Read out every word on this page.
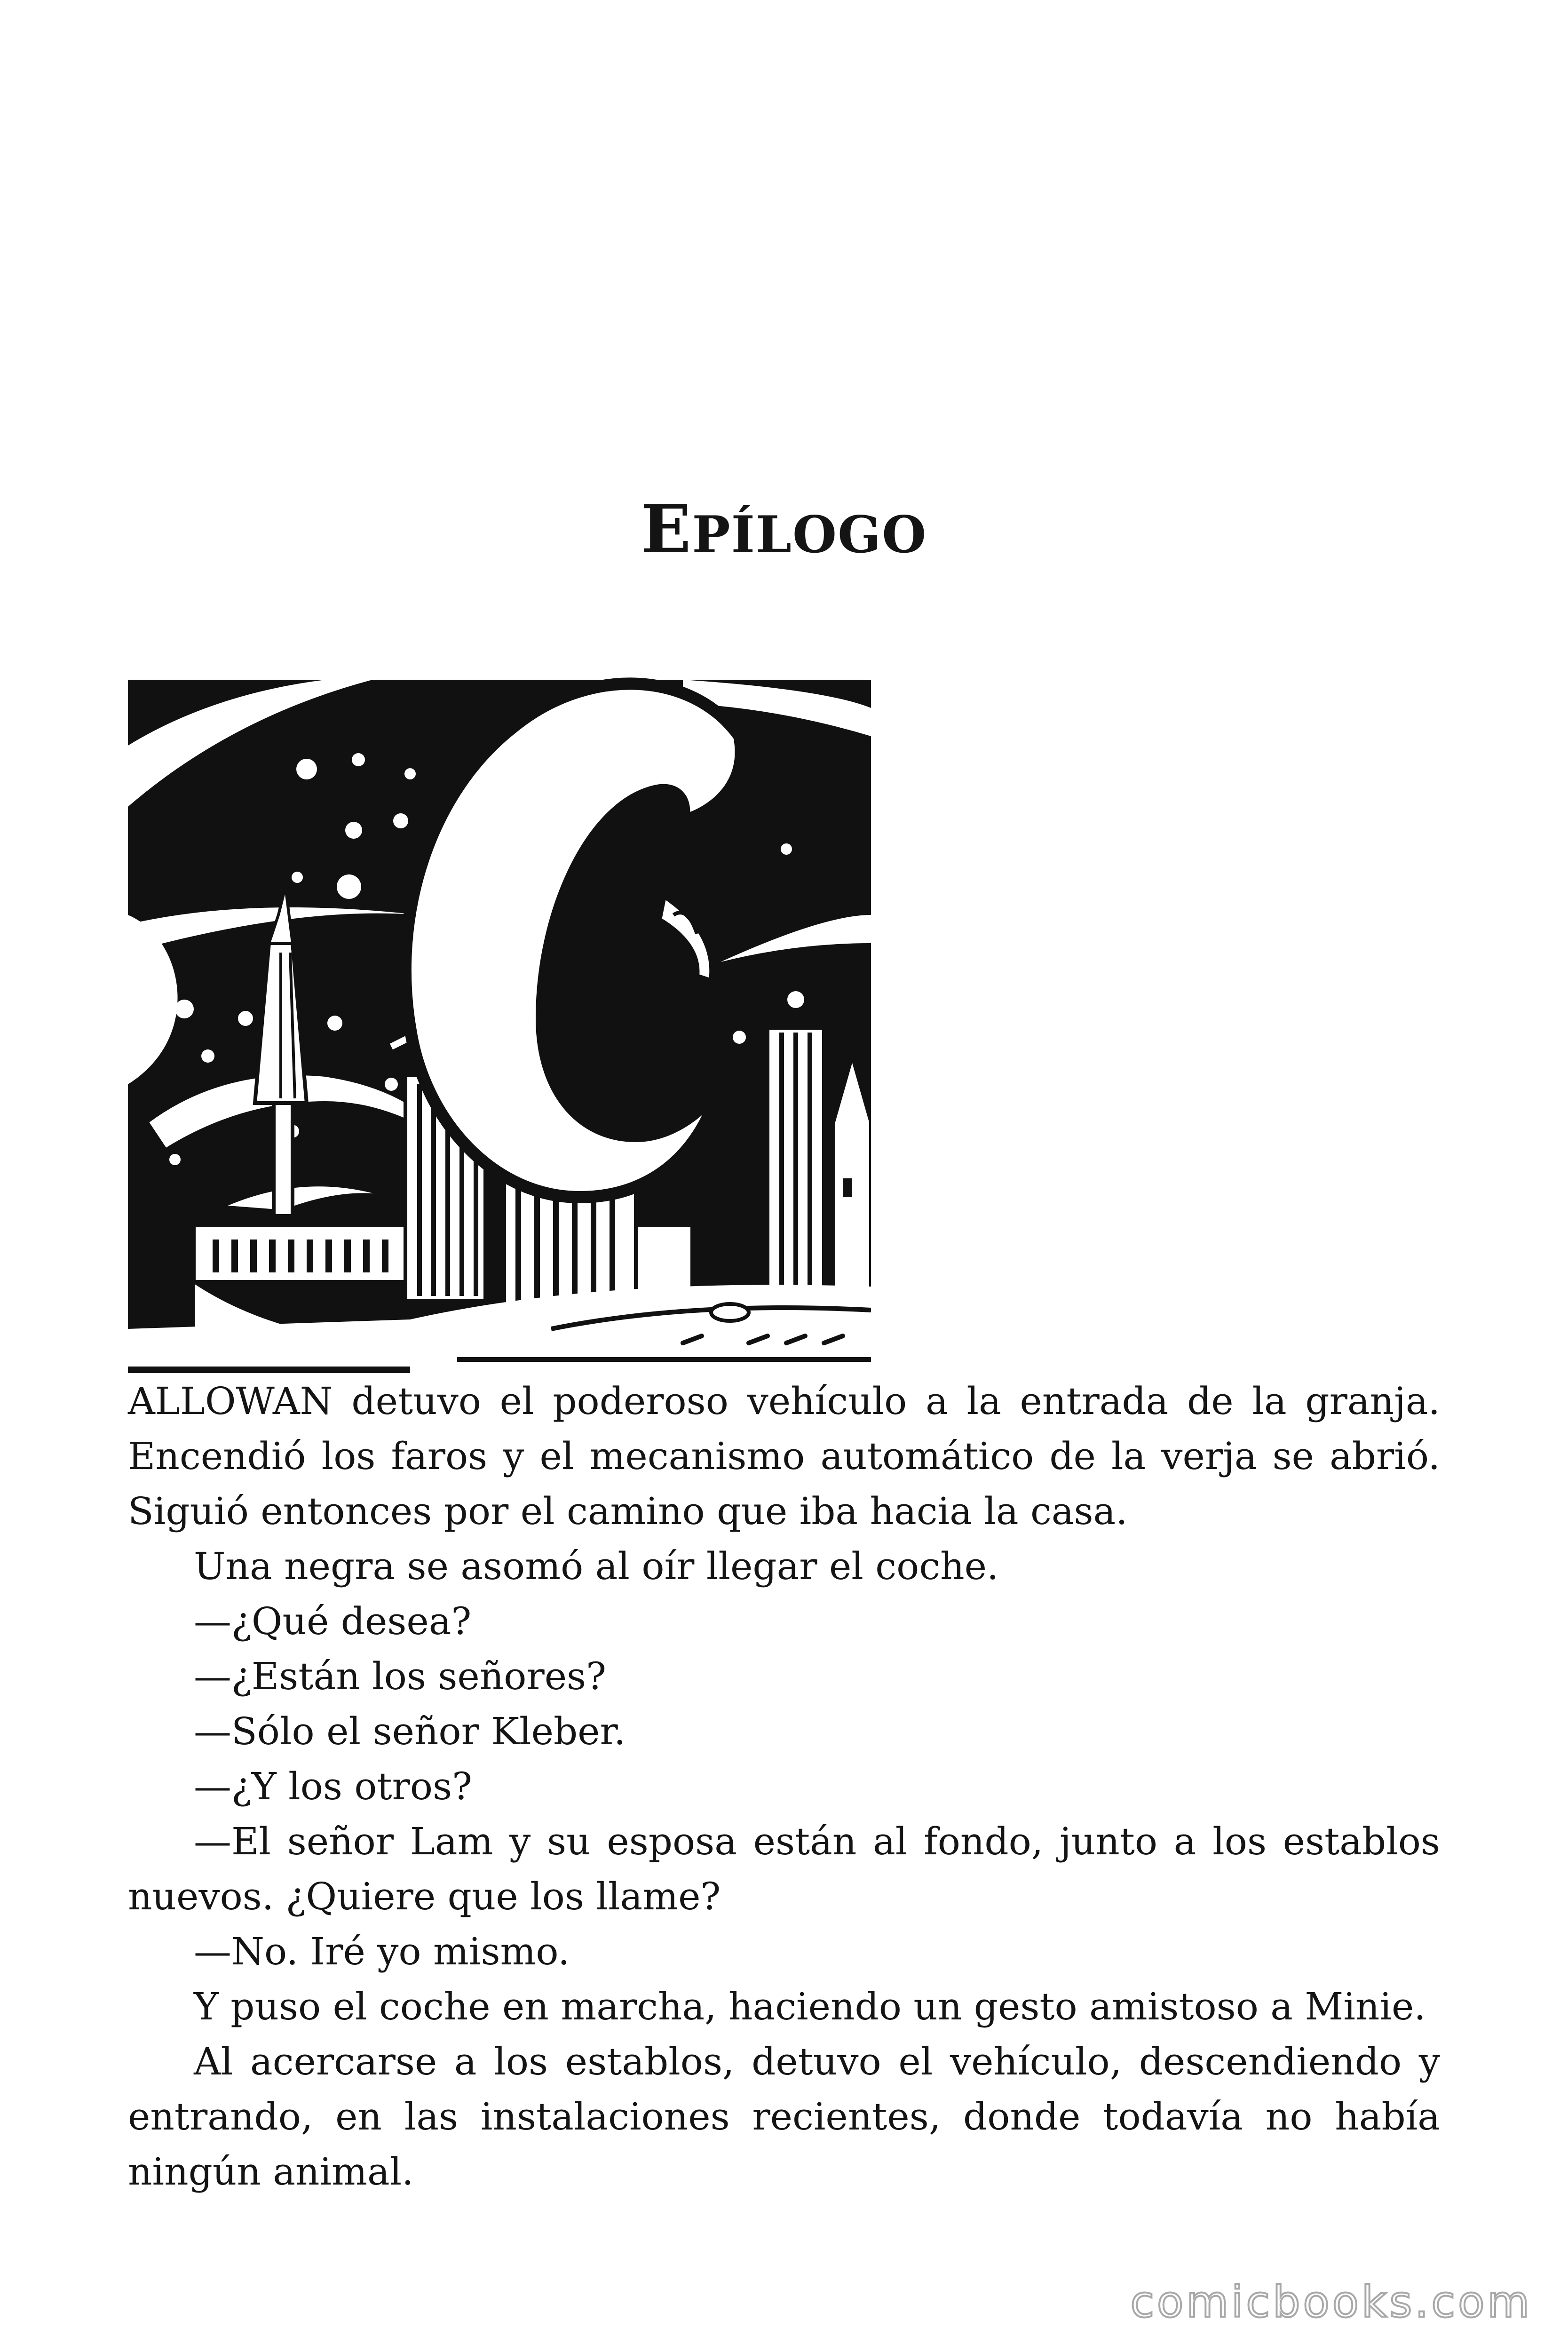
EPÍLOGO

ALLOWAN detuvo el poderoso vehículo a la entrada de la granja. Encendió los faros y el mecanismo automático de la verja se abrió. Siguió entonces por el camino que iba hacia la casa.

Una negra se asomó al oír llegar el coche.

—¿Qué desea?

—¿Están los señores?

—Sólo el señor Kleber.

—¿Y los otros?

—El señor Lam y su esposa están al fondo, junto a los establos nuevos. ¿Quiere que los llame?

—No. Iré yo mismo.

Y puso el coche en marcha, haciendo un gesto amistoso a Minie.

Al acercarse a los establos, detuvo el vehículo, descendiendo y entrando, en las instalaciones recientes, donde todavía no había ningún animal.

comicbooks.com
